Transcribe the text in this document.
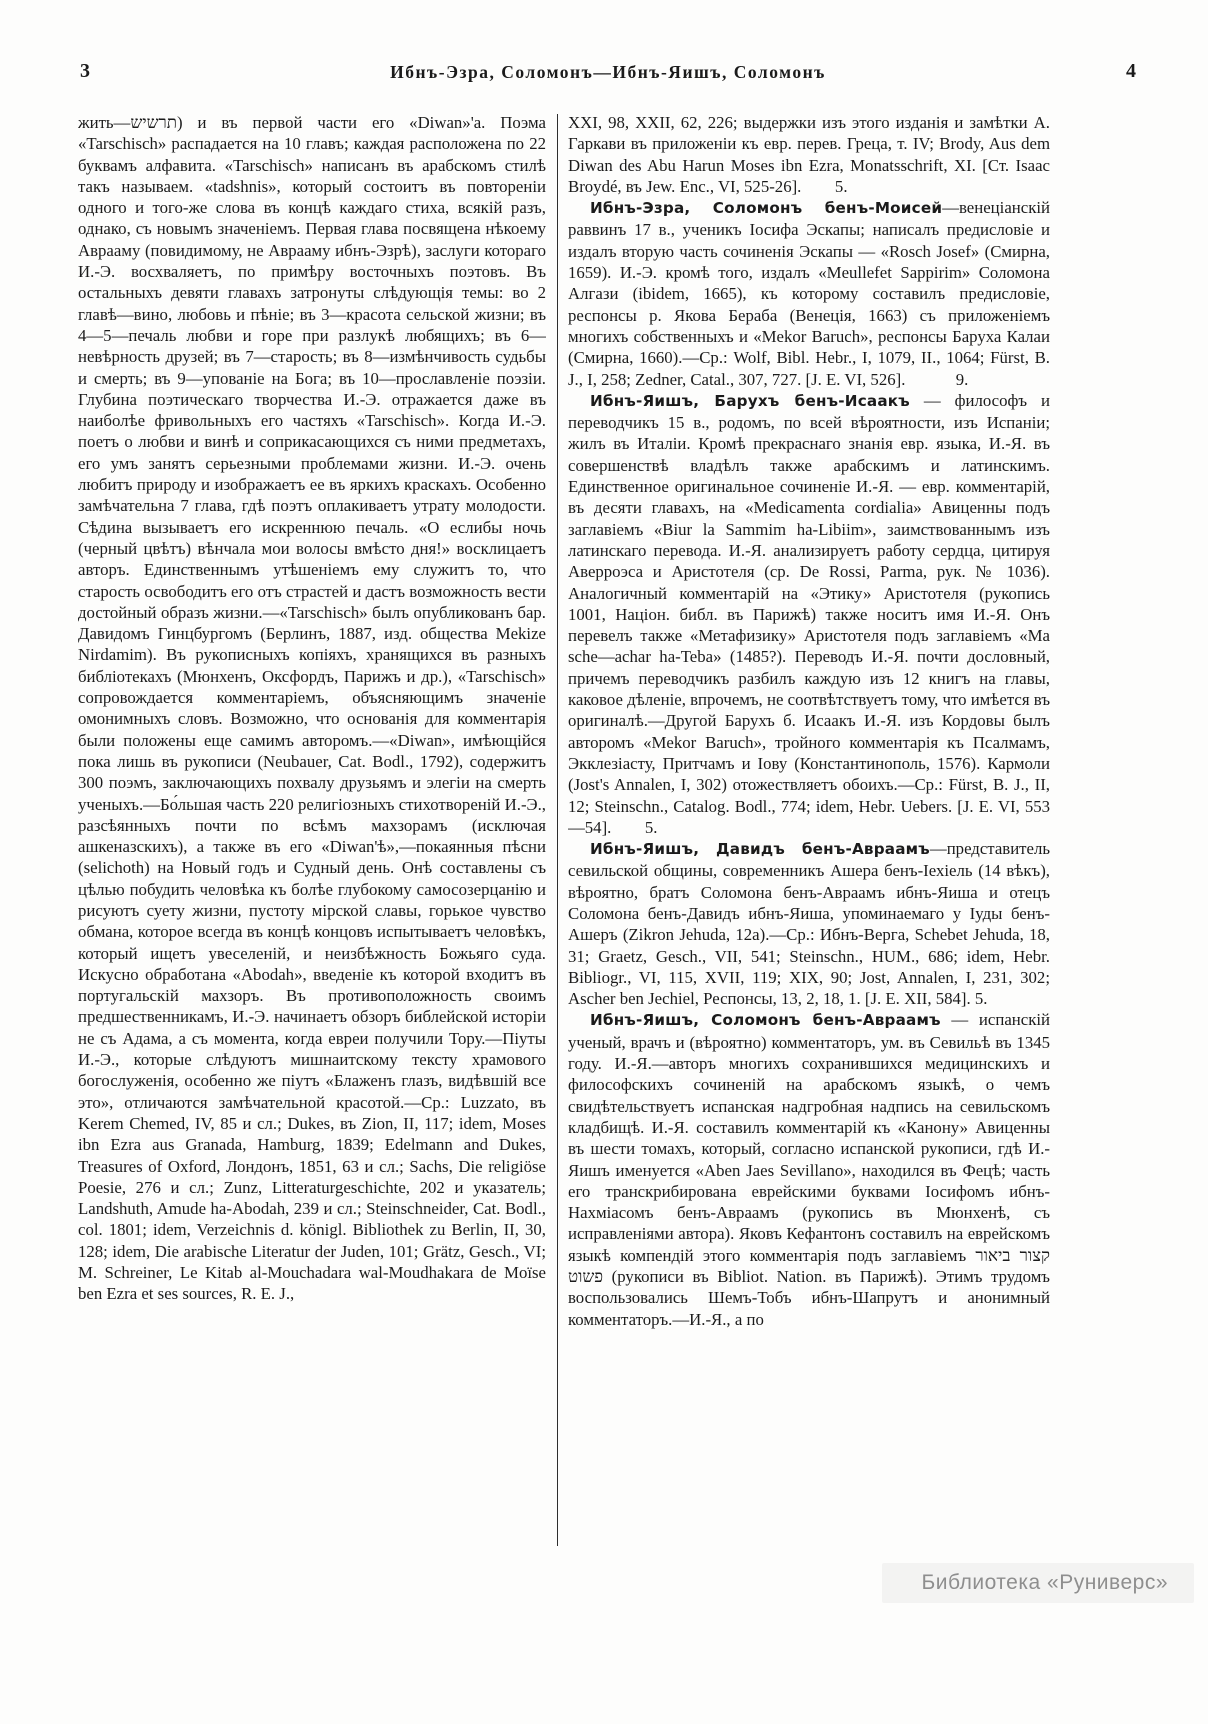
3	Ибнъ-Эзра, Соломонъ—Ибнъ-Яишъ, Соломонъ	4

жить—תרשיש) и въ первой части его «Diwan»'a. Поэма «Tarschisch» распадается на 10 главъ; каждая расположена по 22 буквамъ алфавита. «Tarschisch» написанъ въ арабскомъ стилѣ такъ называем. «tadshnis», который состоитъ въ повтореніи одного и того-же слова въ концѣ каждаго стиха, всякій разъ, однако, съ новымъ значеніемъ. Первая глава посвящена нѣкоему Аврааму (повидимому, не Аврааму ибнъ-Эзрѣ), заслуги котораго И.-Э. восхваляетъ, по примѣру восточныхъ поэтовъ. Въ остальныхъ девяти главахъ затронуты слѣдующія темы: во 2 главѣ—вино, любовь и пѣніе; въ 3—красота сельской жизни; въ 4—5—печаль любви и горе при разлукѣ любящихъ; въ 6—невѣрность друзей; въ 7—старость; въ 8—измѣнчивость судьбы и смерть; въ 9—упованіе на Бога; въ 10—прославленіе поэзіи. Глубина поэтическаго творчества И.-Э. отражается даже въ наиболѣе фривольныхъ его частяхъ «Tarschisch». Когда И.-Э. поетъ о любви и винѣ и соприкасающихся съ ними предметахъ, его умъ занятъ серьезными проблемами жизни. И.-Э. очень любитъ природу и изображаетъ ее въ яркихъ краскахъ. Особенно замѣчательна 7 глава, гдѣ поэтъ оплакиваетъ утрату молодости. Сѣдина вызываетъ его искреннюю печаль. «О еслибы ночь (черный цвѣтъ) вѣнчала мои волосы вмѣсто дня!» восклицаетъ авторъ. Единственнымъ утѣшеніемъ ему служитъ то, что старость освободитъ его отъ страстей и дастъ возможность вести достойный образъ жизни.—«Tarschisch» былъ опубликованъ бар. Давидомъ Гинцбургомъ (Берлинъ, 1887, изд. общества Mekize Nirdamim). Въ рукописныхъ копіяхъ, хранящихся въ разныхъ библіотекахъ (Мюнхенъ, Оксфордъ, Парижъ и др.), «Tarschisch» сопровождается комментаріемъ, объясняющимъ значеніе омонимныхъ словъ. Возможно, что основанія для комментарія были положены еще самимъ авторомъ.—«Diwan», имѣющійся пока лишь въ рукописи (Neubauer, Cat. Bodl., 1792), содержитъ 300 поэмъ, заключающихъ похвалу друзьямъ и элегіи на смерть ученыхъ.—Бо́льшая часть 220 религіозныхъ стихотвореній И.-Э., разсѣянныхъ почти по всѣмъ махзорамъ (исключая ашкеназскихъ), а также въ его «Diwan'ѣ»,—покаянныя пѣсни (selichoth) на Новый годъ и Судный день. Онѣ составлены съ цѣлью побудить человѣка къ болѣе глубокому самосозерцанію и рисуютъ суету жизни, пустоту мірской славы, горькое чувство обмана, которое всегда въ концѣ концовъ испытываетъ человѣкъ, который ищетъ увеселеній, и неизбѣжность Божьяго суда. Искусно обработана «Abodah», введеніе къ которой входитъ въ португальскій махзоръ. Въ противоположность своимъ предшественникамъ, И.-Э. начинаетъ обзоръ библейской исторіи не съ Адама, а съ момента, когда евреи получили Тору.—Піуты И.-Э., которые слѣдуютъ мишнаитскому тексту храмового богослуженія, особенно же піутъ «Блаженъ глазъ, видѣвшій все это», отличаются замѣчательной красотой.—Ср.: Luzzato, въ Kerem Chemed, IV, 85 и сл.; Dukes, въ Zion, II, 117; idem, Moses ibn Ezra aus Granada, Hamburg, 1839; Edelmann and Dukes, Treasures of Oxford, Лондонъ, 1851, 63 и сл.; Sachs, Die religiöse Poesie, 276 и сл.; Zunz, Litteraturgeschichte, 202 и указатель; Landshuth, Amude ha-Abodah, 239 и сл.; Steinschneider, Cat. Bodl., col. 1801; idem, Verzeichnis d. königl. Bibliothek zu Berlin, II, 30, 128; idem, Die arabische Literatur der Juden, 101; Grätz, Gesch., VI; M. Schreiner, Le Kitab al-Mouchadara wal-Moudhakara de Moïse ben Ezra et ses sources, R. E. J.,

XXI, 98, XXII, 62, 226; выдержки изъ этого изданія и замѣтки А. Гаркави въ приложеніи къ евр. перев. Греца, т. IV; Brody, Aus dem Diwan des Abu Harun Moses ibn Ezra, Monatsschrift, XI. [Ст. Isaac Broydé, въ Jew. Enc., VI, 525-26].  5.

Ибнъ-Эзра, Соломонъ бенъ-Моисей—венеціанскій раввинъ 17 в., ученикъ Іосифа Эскапы; написалъ предисловіе и издалъ вторую часть сочиненія Эскапы — «Rosch Josef» (Смирна, 1659). И.-Э. кромѣ того, издалъ «Meullefet Sappirim» Соломона Алгази (ibidem, 1665), къ которому составилъ предисловіе, респонсы р. Якова Бераба (Венеція, 1663) съ приложеніемъ многихъ собственныхъ и «Mekor Baruch», респонсы Баруха Калаи (Смирна, 1660).—Ср.: Wolf, Bibl. Hebr., I, 1079, II., 1064; Fürst, B. J., I, 258; Zedner, Catal., 307, 727. [J. E. VI, 526].   9.

Ибнъ-Яишъ, Барухъ бенъ-Исаакъ — философъ и переводчикъ 15 в., родомъ, по всей вѣроятности, изъ Испаніи; жилъ въ Италіи. Кромѣ прекраснаго знанія евр. языка, И.-Я. въ совершенствѣ владѣлъ также арабскимъ и латинскимъ. Единственное оригинальное сочиненіе И.-Я. — евр. комментарій, въ десяти главахъ, на «Medicamenta cordialia» Авиценны подъ заглавіемъ «Biur la Sammim ha-Libiim», заимствованнымъ изъ латинскаго перевода. И.-Я. анализируетъ работу сердца, цитируя Аверроэса и Аристотеля (ср. De Rossi, Parma, рук. № 1036). Аналогичный комментарій на «Этику» Аристотеля (рукопись 1001, Націон. библ. въ Парижѣ) также носитъ имя И.-Я. Онъ перевелъ также «Метафизику» Аристотеля подъ заглавіемъ «Ma sche—achar ha-Teba» (1485?). Переводъ И.-Я. почти дословный, причемъ переводчикъ разбилъ каждую изъ 12 книгъ на главы, каковое дѣленіе, впрочемъ, не соотвѣтствуетъ тому, что имѣется въ оригиналѣ.—Другой Барухъ б. Исаакъ И.-Я. изъ Кордовы былъ авторомъ «Mekor Baruch», тройного комментарія къ Псалмамъ, Экклезіасту, Притчамъ и Іову (Константинополь, 1576). Кармоли (Jost's Annalen, I, 302) отожествляетъ обоихъ.—Ср.: Fürst, B. J., II, 12; Steinschn., Catalog. Bodl., 774; idem, Hebr. Uebers. [J. E. VI, 553—54].  5.

Ибнъ-Яишъ, Давидъ бенъ-Авраамъ—представитель севильской общины, современникъ Ашера бенъ-Іехіель (14 вѣкъ), вѣроятно, братъ Соломона бенъ-Авраамъ ибнъ-Яиша и отецъ Соломона бенъ-Давидъ ибнъ-Яиша, упоминаемаго у Іуды бенъ-Ашеръ (Zikron Jehuda, 12a).—Ср.: Ибнъ-Верга, Schebet Jehuda, 18, 31; Graetz, Gesch., VII, 541; Steinschn., HUM., 686; idem, Hebr. Bibliogr., VI, 115, XVII, 119; XIX, 90; Jost, Annalen, I, 231, 302; Ascher ben Jechiel, Респонсы, 13, 2, 18, 1. [J. E. XII, 584]. 5.

Ибнъ-Яишъ, Соломонъ бенъ-Авраамъ — испанскій ученый, врачъ и (вѣроятно) комментаторъ, ум. въ Севильѣ въ 1345 году. И.-Я.—авторъ многихъ сохранившихся медицинскихъ и философскихъ сочиненій на арабскомъ языкѣ, о чемъ свидѣтельствуетъ испанская надгробная надпись на севильскомъ кладбищѣ. И.-Я. составилъ комментарій къ «Канону» Авиценны въ шести томахъ, который, согласно испанской рукописи, гдѣ И.-Яишъ именуется «Aben Jaes Sevillano», находился въ Фецѣ; часть его транскрибирована еврейскими буквами Іосифомъ ибнъ-Нахміасомъ бенъ-Авраамъ (рукопись въ Мюнхенѣ, съ исправленіями автора). Яковъ Кефантонъ составилъ на еврейскомъ языкѣ компендій этого комментарія подъ заглавіемъ קצור ביאור פשוט (рукописи въ Bibliot. Nation. въ Парижѣ). Этимъ трудомъ воспользовались Шемъ-Тобъ ибнъ-Шапрутъ и анонимный комментаторъ.—И.-Я., а по

Библиотека «Руниверс»
